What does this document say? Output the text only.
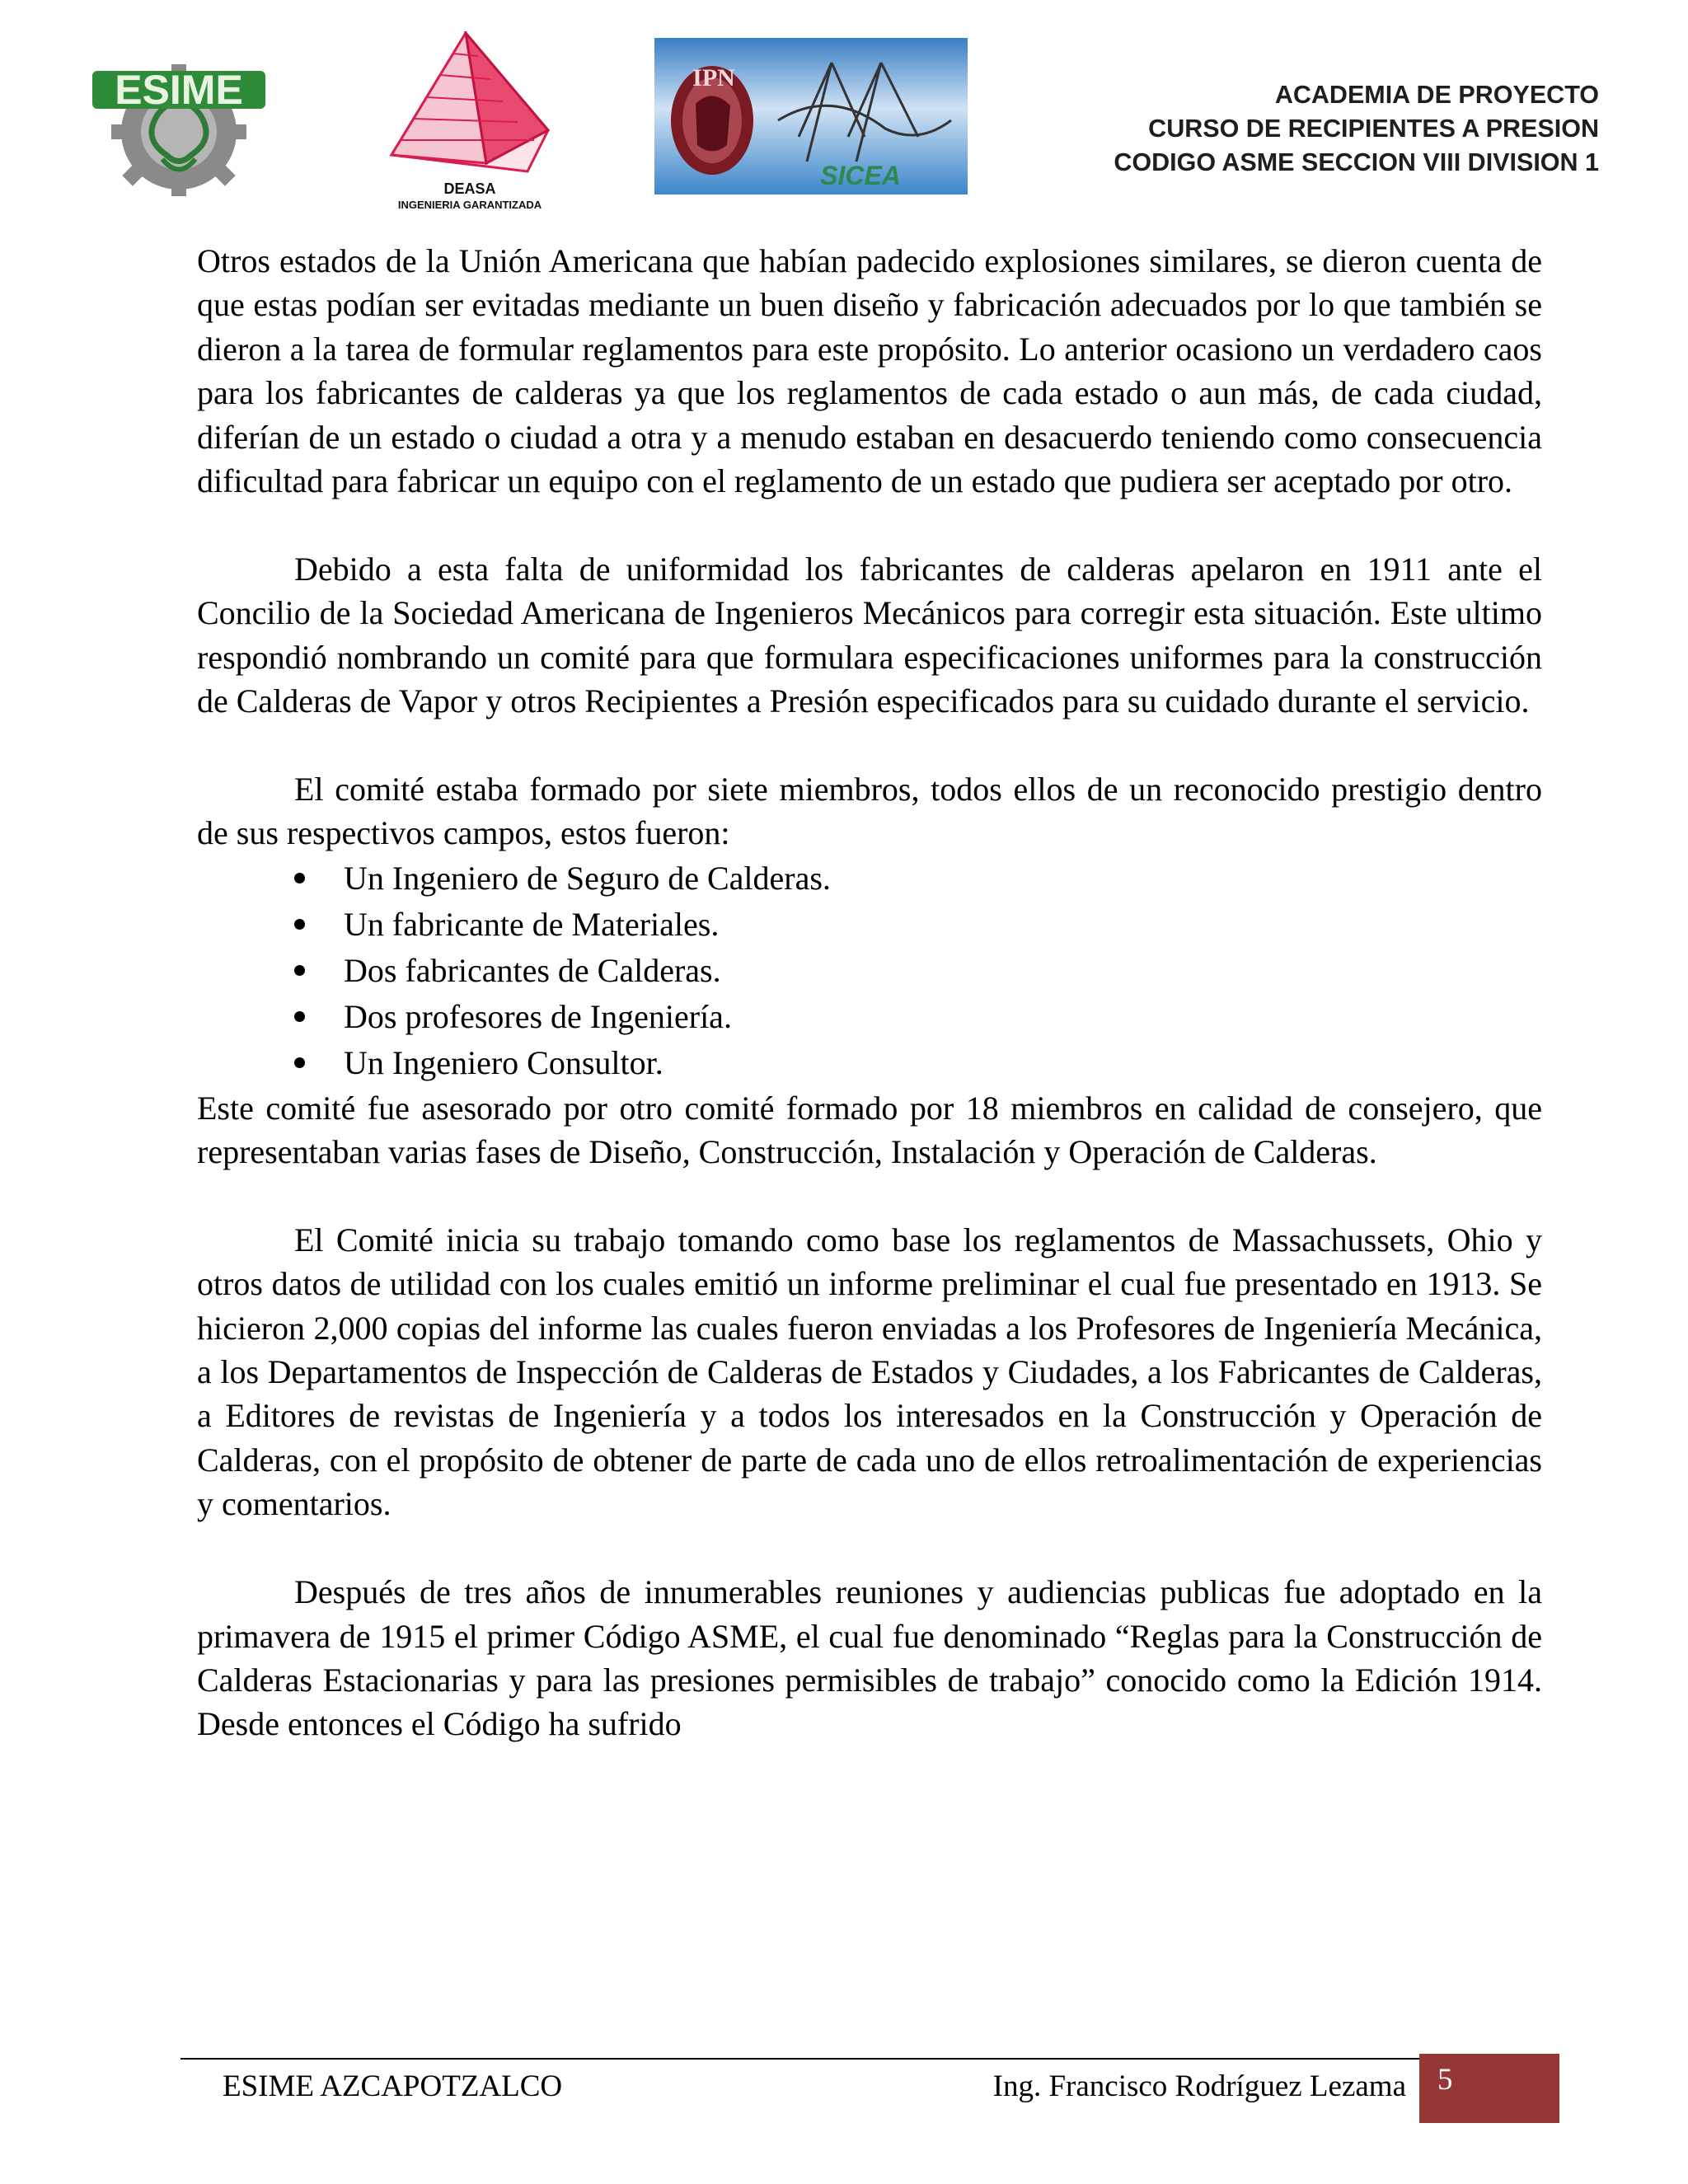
ESIME
DEASA
INGENIERIA GARANTIZADA
IPN
SICEA
ACADEMIA DE PROYECTO
CURSO DE RECIPIENTES A PRESION
CODIGO ASME SECCION VIII DIVISION 1

Otros estados de la Unión Americana que habían padecido explosiones similares, se dieron cuenta de que estas podían ser evitadas mediante un buen diseño y fabricación adecuados por lo que también se dieron a la tarea de formular reglamentos para este propósito. Lo anterior ocasiono un verdadero caos para los fabricantes de calderas ya que los reglamentos de cada estado o aun más, de cada ciudad, diferían de un estado o ciudad a otra y a menudo estaban en desacuerdo teniendo como consecuencia dificultad para fabricar un equipo con el reglamento de un estado que pudiera ser aceptado por otro.

Debido a esta falta de uniformidad los fabricantes de calderas apelaron en 1911 ante el Concilio de la Sociedad Americana de Ingenieros Mecánicos para corregir esta situación. Este ultimo respondió nombrando un comité para que formulara especificaciones uniformes para la construcción de Calderas de Vapor y otros Recipientes a Presión especificados para su cuidado durante el servicio.

El comité estaba formado por siete miembros, todos ellos de un reconocido prestigio dentro de sus respectivos campos, estos fueron:

Un Ingeniero de Seguro de Calderas.
Un fabricante de Materiales.
Dos fabricantes de Calderas.
Dos profesores de Ingeniería.
Un Ingeniero Consultor.

Este comité fue asesorado por otro comité formado por 18 miembros en calidad de consejero, que representaban varias fases de Diseño, Construcción, Instalación y Operación de Calderas.

El Comité inicia su trabajo tomando como base los reglamentos de Massachussets, Ohio y otros datos de utilidad con los cuales emitió un informe preliminar el cual fue presentado en 1913. Se hicieron 2,000 copias del informe las cuales fueron enviadas a los Profesores de Ingeniería Mecánica, a los Departamentos de Inspección de Calderas de Estados y Ciudades, a los Fabricantes de Calderas, a Editores de revistas de Ingeniería y a todos los interesados en la Construcción y Operación de Calderas, con el propósito de obtener de parte de cada uno de ellos retroalimentación de experiencias y comentarios.

Después de tres años de innumerables reuniones y audiencias publicas fue adoptado en la primavera de 1915 el primer Código ASME, el cual fue denominado “Reglas para la Construcción de Calderas Estacionarias y para las presiones permisibles de trabajo” conocido como la Edición 1914. Desde entonces el Código ha sufrido

ESIME AZCAPOTZALCO	Ing. Francisco Rodríguez Lezama	5
